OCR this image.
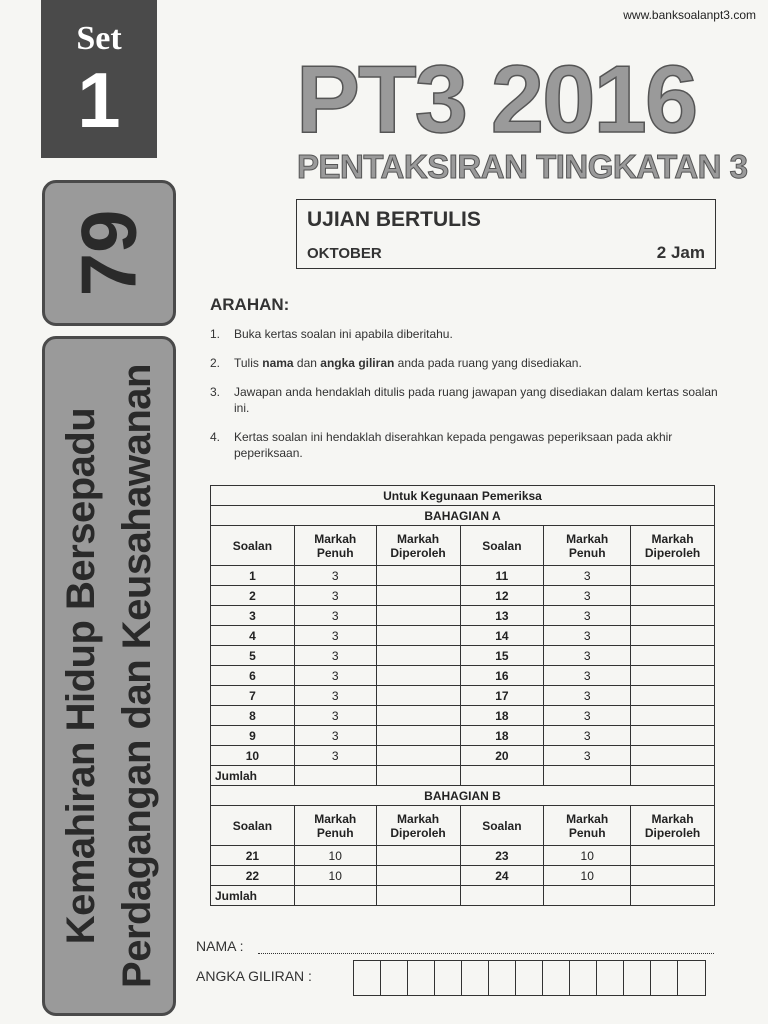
www.banksoalanpt3.com
Set
1
79
Kemahiran Hidup Bersepadu Perdagangan dan Keusahawanan
PT3 2016
PENTAKSIRAN TINGKATAN 3
UJIAN BERTULIS
OKTOBER	2 Jam
ARAHAN:
1. Buka kertas soalan ini apabila diberitahu.
2. Tulis nama dan angka giliran anda pada ruang yang disediakan.
3. Jawapan anda hendaklah ditulis pada ruang jawapan yang disediakan dalam kertas soalan ini.
4. Kertas soalan ini hendaklah diserahkan kepada pengawas peperiksaan pada akhir peperiksaan.
Untuk Kegunaan Pemeriksa					
BAHAGIAN A					
Soalan	Markah Penuh	Markah Diperoleh	Soalan	Markah Penuh	Markah Diperoleh
1	3		11	3	
2	3		12	3	
3	3		13	3	
4	3		14	3	
5	3		15	3	
6	3		16	3	
7	3		17	3	
8	3		18	3	
9	3		18	3	
10	3		20	3	
Jumlah					
BAHAGIAN B					
Soalan	Markah Penuh	Markah Diperoleh	Soalan	Markah Penuh	Markah Diperoleh
21	10		23	10	
22	10		24	10	
Jumlah					
NAMA :
ANGKA GILIRAN :
